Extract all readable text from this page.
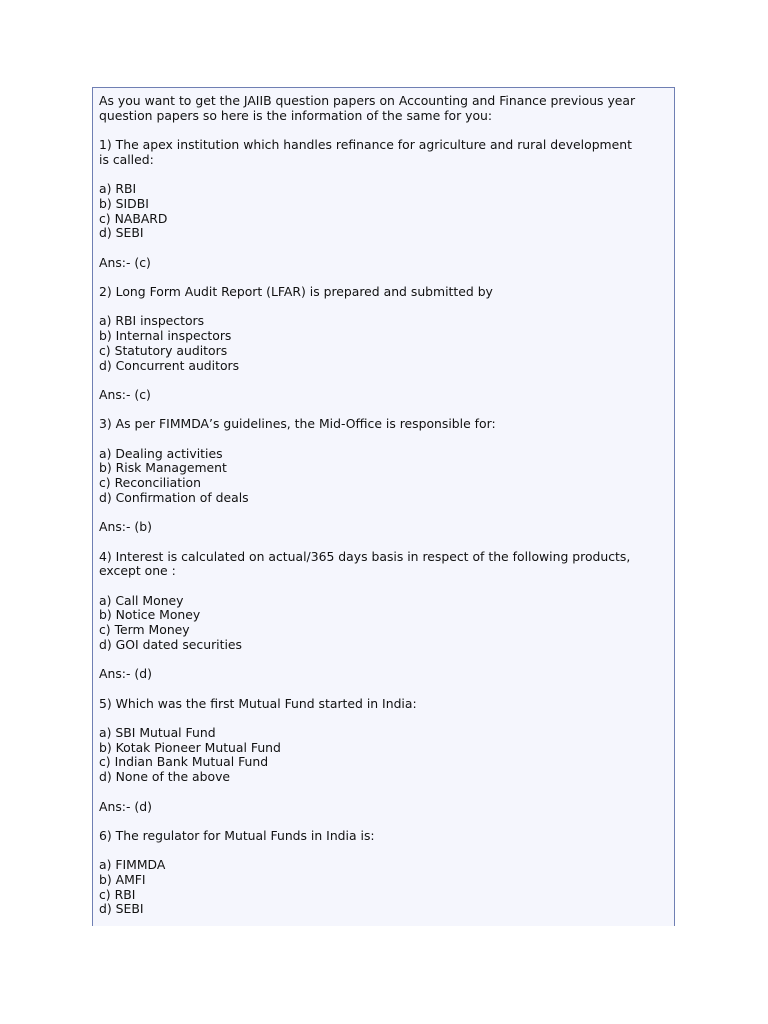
As you want to get the JAIIB question papers on Accounting and Finance previous year
question papers so here is the information of the same for you:
1) The apex institution which handles refinance for agriculture and rural development
is called:
a) RBI
b) SIDBI
c) NABARD
d) SEBI
Ans:- (c)
2) Long Form Audit Report (LFAR) is prepared and submitted by
a) RBI inspectors
b) Internal inspectors
c) Statutory auditors
d) Concurrent auditors
Ans:- (c)
3) As per FIMMDA’s guidelines, the Mid-Office is responsible for:
a) Dealing activities
b) Risk Management
c) Reconciliation
d) Confirmation of deals
Ans:- (b)
4) Interest is calculated on actual/365 days basis in respect of the following products,
except one :
a) Call Money
b) Notice Money
c) Term Money
d) GOI dated securities
Ans:- (d)
5) Which was the first Mutual Fund started in India:
a) SBI Mutual Fund
b) Kotak Pioneer Mutual Fund
c) Indian Bank Mutual Fund
d) None of the above
Ans:- (d)
6) The regulator for Mutual Funds in India is:
a) FIMMDA
b) AMFI
c) RBI
d) SEBI
